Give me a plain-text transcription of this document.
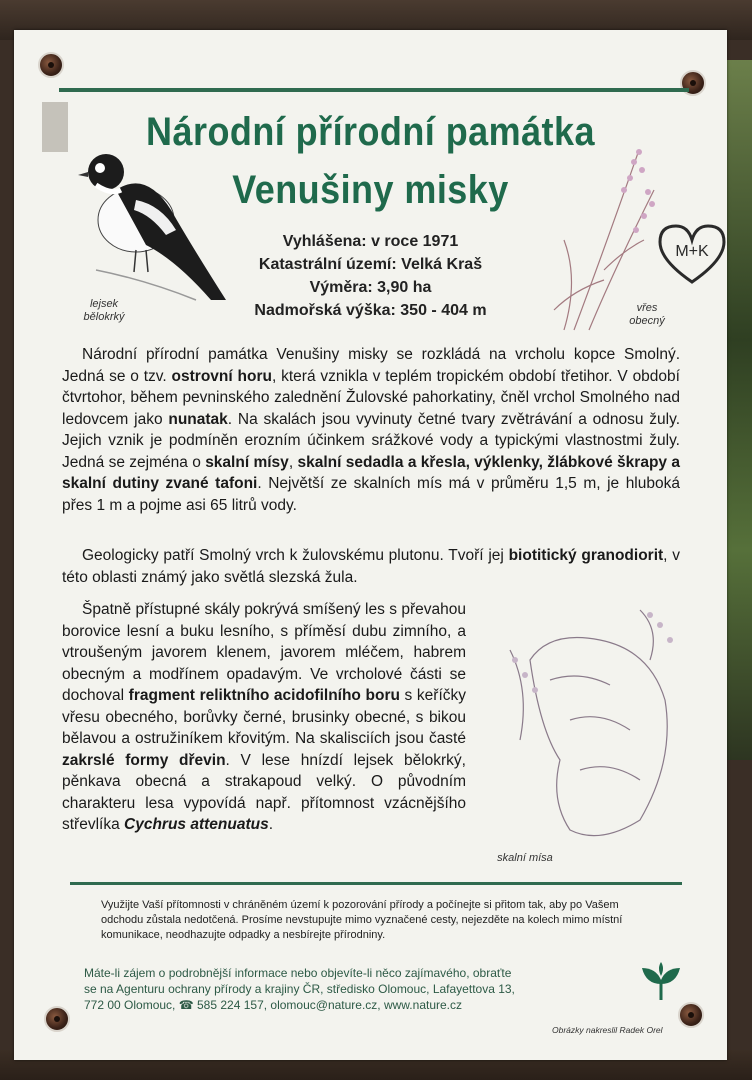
Národní přírodní památka
Venušiny misky
Vyhlášena: v roce 1971
Katastrální území: Velká Kraš
Výměra: 3,90 ha
Nadmořská výška: 350 - 404 m
lejsek
bělokrký
vřes
obecný
M+K
Národní přírodní památka Venušiny misky se rozkládá na vrcholu kopce Smolný. Jedná se o tzv. ostrovní horu, která vznikla v teplém tropickém období třetihor. V období čtvrtohor, během pevninského zalednění Žulovské pahorkatiny, čněl vrchol Smolného nad ledovcem jako nunatak. Na skalách jsou vyvinuty četné tvary zvětrávání a odnosu žuly. Jejich vznik je podmíněn erozním účinkem srážkové vody a typickými vlastnostmi žuly. Jedná se zejména o skalní mísy, skalní sedadla a křesla, výklenky, žlábkové škrapy a skalní dutiny zvané tafoni. Největší ze skalních mís má v průměru 1,5 m, je hluboká přes 1 m a pojme asi 65 litrů vody.
Geologicky patří Smolný vrch k žulovskému plutonu. Tvoří jej biotitický granodiorit, v této oblasti známý jako světlá slezská žula.
Špatně přístupné skály pokrývá smíšený les s převahou borovice lesní a buku lesního, s příměsí dubu zimního, a vtroušeným javorem klenem, javorem mléčem, habrem obecným a modřínem opadavým. Ve vrcholové části se dochoval fragment reliktního acidofilního boru s keříčky vřesu obecného, borůvky černé, brusinky obecné, s bikou bělavou a ostružiníkem křovitým. Na skalisciích jsou časté zakrslé formy dřevin. V lese hnízdí lejsek bělokrký, pěnkava obecná a strakapoud velký. O původním charakteru lesa vypovídá např. přítomnost vzácnějšího střevlíka Cychrus attenuatus.
skalní mísa
Využijte Vaší přítomnosti v chráněném území k pozorování přírody a počínejte si přitom tak, aby po Vašem odchodu zůstala nedotčená. Prosíme nevstupujte mimo vyznačené cesty, nejezděte na kolech mimo místní komunikace, neodhazujte odpadky a nesbírejte přírodniny.
Máte-li zájem o podrobnější informace nebo objevíte-li něco zajímavého, obraťte
se na Agenturu ochrany přírody a krajiny ČR, středisko Olomouc, Lafayettova 13,
772 00 Olomouc, ☎ 585 224 157, olomouc@nature.cz, www.nature.cz
Obrázky nakreslil Radek Orel
